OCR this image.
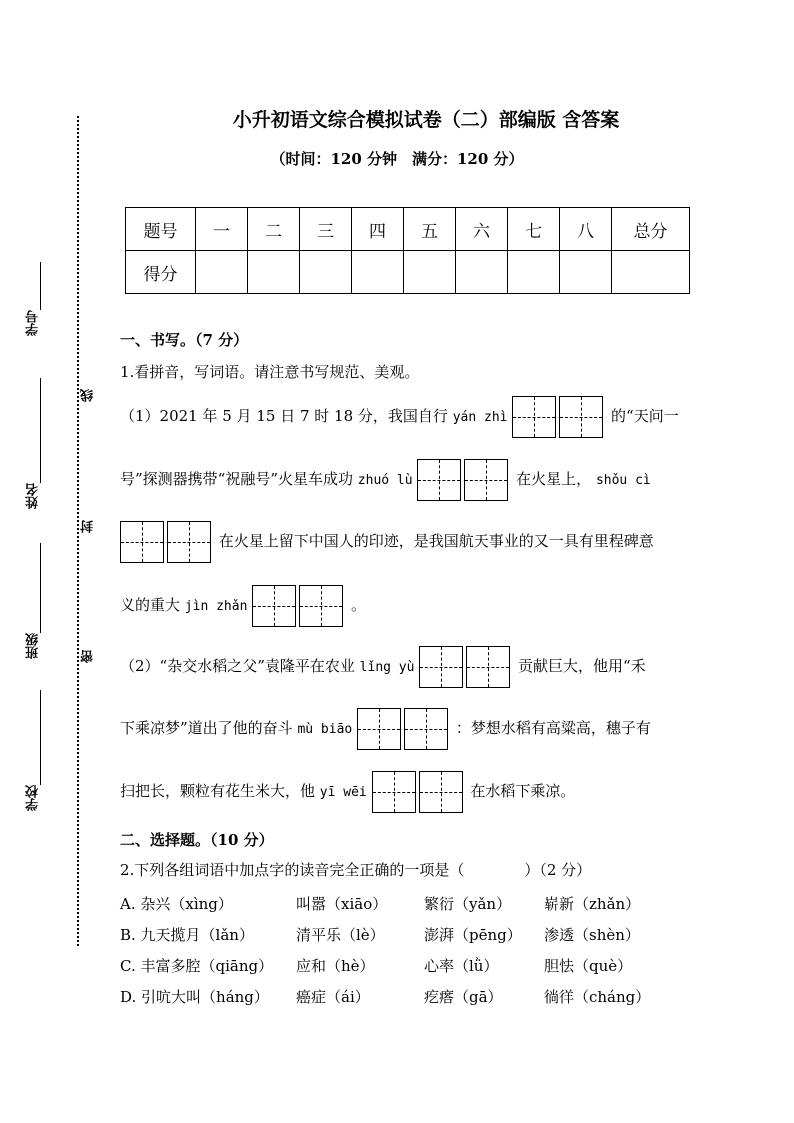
学号
姓名
班级
学校
线
封
密
小升初语文综合模拟试卷（二）部编版 含答案
（时间：120 分钟　满分：120 分）
题号	一	二	三	四	五	六	七	八	总分
得分									
一、书写。（7 分）
1.看拼音，写词语。请注意书写规范、美观。
（1）2021 年 5 月 15 日 7 时 18 分，我国自行 yán zhì	的“天问一
号”探测器携带“祝融号”火星车成功 zhuó lù	在火星上， shǒu cì
在火星上留下中国人的印迹，是我国航天事业的又一具有里程碑意
义的重大 jìn zhǎn	。
（2）“杂交水稻之父”袁隆平在农业 lǐng yù	贡献巨大，他用“禾
下乘凉梦”道出了他的奋斗 mù biāo	：梦想水稻有高粱高，穗子有
扫把长，颗粒有花生米大，他 yī wēi	在水稻下乘凉。
二、选择题。（10 分）
2.下列各组词语中加点字的读音完全正确的一项是（　　　　）（2 分）
A. 杂兴（xìng）	叫嚣（xiāo） 繁衍（yǎn） 崭新（zhǎn）
B. 九天揽月（lǎn）	清平乐（lè）	澎湃（pēng） 渗透（shèn）
C. 丰富多腔（qiāng） 应和（hè）	心率（lǜ）	胆怯（què）
D. 引吭大叫（háng） 癌症（ái）	疙瘩（gā）	徜徉（cháng）
